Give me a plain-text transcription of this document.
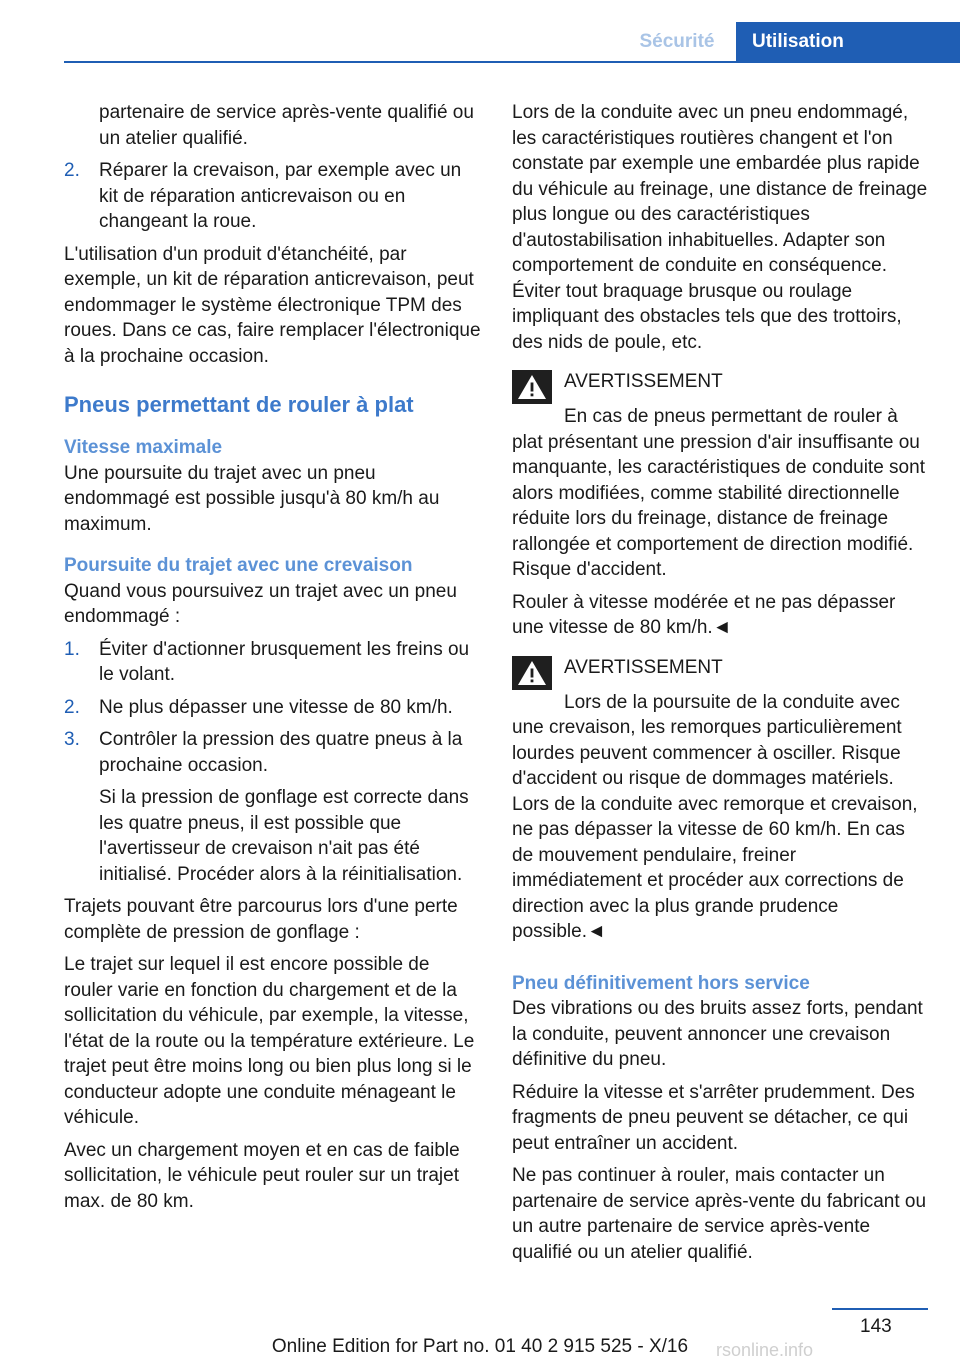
Sécurité	Utilisation

partenaire de service après-vente qualifié ou un atelier qualifié.

2. Réparer la crevaison, par exemple avec un kit de réparation anticrevaison ou en changeant la roue.

L'utilisation d'un produit d'étanchéité, par exemple, un kit de réparation anticrevaison, peut endommager le système électronique TPM des roues. Dans ce cas, faire remplacer l'électronique à la prochaine occasion.

Pneus permettant de rouler à plat
Vitesse maximale

Une poursuite du trajet avec un pneu endommagé est possible jusqu'à 80 km/h au maximum.

Poursuite du trajet avec une crevaison

Quand vous poursuivez un trajet avec un pneu endommagé :

1. Éviter d'actionner brusquement les freins ou le volant.
2. Ne plus dépasser une vitesse de 80 km/h.
3. Contrôler la pression des quatre pneus à la prochaine occasion.

Si la pression de gonflage est correcte dans les quatre pneus, il est possible que l'avertisseur de crevaison n'ait pas été initialisé. Procéder alors à la réinitialisation.

Trajets pouvant être parcourus lors d'une perte complète de pression de gonflage :

Le trajet sur lequel il est encore possible de rouler varie en fonction du chargement et de la sollicitation du véhicule, par exemple, la vitesse, l'état de la route ou la température extérieure. Le trajet peut être moins long ou bien plus long si le conducteur adopte une conduite ménageant le véhicule.

Avec un chargement moyen et en cas de faible sollicitation, le véhicule peut rouler sur un trajet max. de 80 km.

Lors de la conduite avec un pneu endommagé, les caractéristiques routières changent et l'on constate par exemple une embardée plus rapide du véhicule au freinage, une distance de freinage plus longue ou des caractéristiques d'autostabilisation inhabituelles. Adapter son comportement de conduite en conséquence. Éviter tout braquage brusque ou roulage impliquant des obstacles tels que des trottoirs, des nids de poule, etc.

AVERTISSEMENT
En cas de pneus permettant de rouler à plat présentant une pression d'air insuffisante ou manquante, les caractéristiques de conduite sont alors modifiées, comme stabilité directionnelle réduite lors du freinage, distance de freinage rallongée et comportement de direction modifié. Risque d'accident.

Rouler à vitesse modérée et ne pas dépasser une vitesse de 80 km/h.◄

AVERTISSEMENT
Lors de la poursuite de la conduite avec une crevaison, les remorques particulièrement lourdes peuvent commencer à osciller. Risque d'accident ou risque de dommages matériels. Lors de la conduite avec remorque et crevaison, ne pas dépasser la vitesse de 60 km/h. En cas de mouvement pendulaire, freiner immédiatement et procéder aux corrections de direction avec la plus grande prudence possible.◄
Pneu définitivement hors service

Des vibrations ou des bruits assez forts, pendant la conduite, peuvent annoncer une crevaison définitive du pneu.

Réduire la vitesse et s'arrêter prudemment. Des fragments de pneu peuvent se détacher, ce qui peut entraîner un accident.

Ne pas continuer à rouler, mais contacter un partenaire de service après-vente du fabricant ou un autre partenaire de service après-vente qualifié ou un atelier qualifié.

143
Online Edition for Part no. 01 40 2 915 525 - X/16	rsonline.info
